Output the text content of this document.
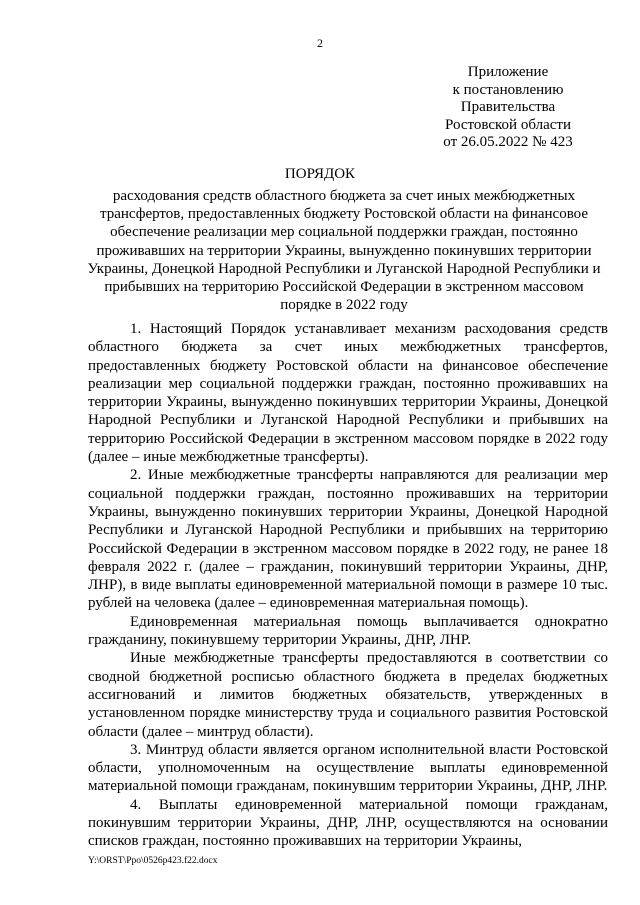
2
Приложение
к постановлению
Правительства
Ростовской области
от 26.05.2022 № 423
ПОРЯДОК
расходования средств областного бюджета за счет иных межбюджетных трансфертов, предоставленных бюджету Ростовской области на финансовое обеспечение реализации мер социальной поддержки граждан, постоянно проживавших на территории Украины, вынужденно покинувших территории Украины, Донецкой Народной Республики и Луганской Народной Республики и прибывших на территорию Российской Федерации в экстренном массовом порядке в 2022 году

1. Настоящий Порядок устанавливает механизм расходования средств областного бюджета за счет иных межбюджетных трансфертов, предоставленных бюджету Ростовской области на финансовое обеспечение реализации мер социальной поддержки граждан, постоянно проживавших на территории Украины, вынужденно покинувших территории Украины, Донецкой Народной Республики и Луганской Народной Республики и прибывших на территорию Российской Федерации в экстренном массовом порядке в 2022 году (далее – иные межбюджетные трансферты).

2. Иные межбюджетные трансферты направляются для реализации мер социальной поддержки граждан, постоянно проживавших на территории Украины, вынужденно покинувших территории Украины, Донецкой Народной Республики и Луганской Народной Республики и прибывших на территорию Российской Федерации в экстренном массовом порядке в 2022 году, не ранее 18 февраля 2022 г. (далее – гражданин, покинувший территории Украины, ДНР, ЛНР), в виде выплаты единовременной материальной помощи в размере 10 тыс. рублей на человека (далее – единовременная материальная помощь).

Единовременная материальная помощь выплачивается однократно гражданину, покинувшему территории Украины, ДНР, ЛНР.

Иные межбюджетные трансферты предоставляются в соответствии со сводной бюджетной росписью областного бюджета в пределах бюджетных ассигнований и лимитов бюджетных обязательств, утвержденных в установленном порядке министерству труда и социального развития Ростовской области (далее – минтруд области).

3. Минтруд области является органом исполнительной власти Ростовской области, уполномоченным на осуществление выплаты единовременной материальной помощи гражданам, покинувшим территории Украины, ДНР, ЛНР.

4. Выплаты единовременной материальной помощи гражданам, покинувшим территории Украины, ДНР, ЛНР, осуществляются на основании списков граждан, постоянно проживавших на территории Украины,

Y:\ORST\Ppo\0526p423.f22.docx
